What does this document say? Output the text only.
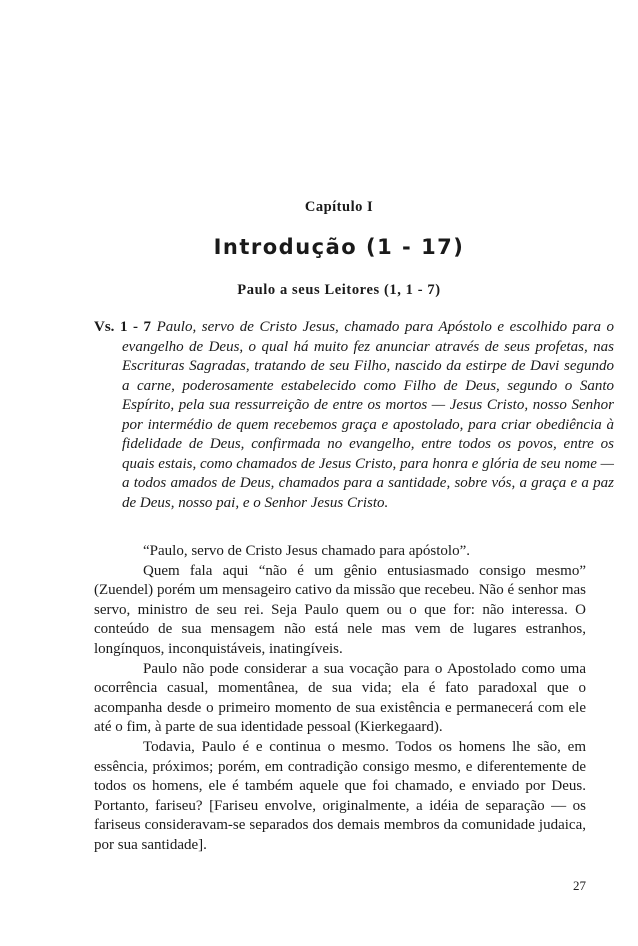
Capítulo I
Introdução (1 - 17)
Paulo a seus Leitores (1, 1 - 7)
Vs. 1 - 7 Paulo, servo de Cristo Jesus, chamado para Apóstolo e escolhido para o evangelho de Deus, o qual há muito fez anunciar através de seus profetas, nas Escrituras Sagradas, tratando de seu Filho, nascido da estirpe de Davi segundo a carne, poderosamente estabelecido como Filho de Deus, segundo o Santo Espírito, pela sua ressurreição de entre os mortos — Jesus Cristo, nosso Senhor por intermédio de quem recebemos graça e apostolado, para criar obediência à fidelidade de Deus, confirmada no evangelho, entre todos os povos, entre os quais estais, como chamados de Jesus Cristo, para honra e glória de seu nome — a todos amados de Deus, chamados para a santidade, sobre vós, a graça e a paz de Deus, nosso pai, e o Senhor Jesus Cristo.

“Paulo, servo de Cristo Jesus chamado para apóstolo”.

Quem fala aqui “não é um gênio entusiasmado consigo mesmo” (Zuendel) porém um mensageiro cativo da missão que recebeu. Não é senhor mas servo, ministro de seu rei. Seja Paulo quem ou o que for: não interessa. O conteúdo de sua mensagem não está nele mas vem de lugares estranhos, longínquos, inconquistáveis, inatingíveis.

Paulo não pode considerar a sua vocação para o Apostolado como uma ocorrência casual, momentânea, de sua vida; ela é fato paradoxal que o acompanha desde o primeiro momento de sua existência e permanecerá com ele até o fim, à parte de sua identidade pessoal (Kierkegaard).

Todavia, Paulo é e continua o mesmo. Todos os homens lhe são, em essência, próximos; porém, em contradição consigo mesmo, e diferentemente de todos os homens, ele é também aquele que foi chamado, e enviado por Deus. Portanto, fariseu? [Fariseu envolve, originalmente, a idéia de separação — os fariseus consideravam-se separados dos demais membros da comunidade judaica, por sua santidade].

27
